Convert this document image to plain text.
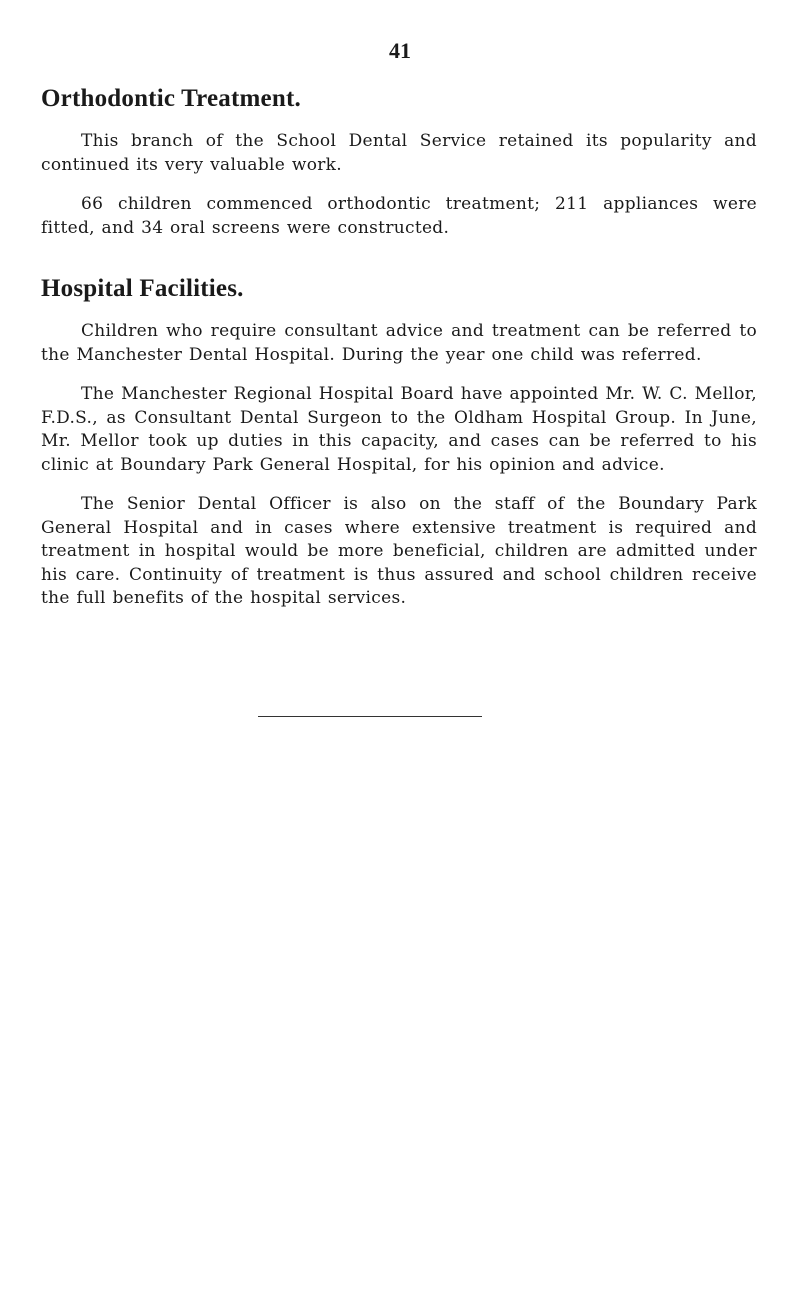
41
Orthodontic Treatment.

This branch of the School Dental Service retained its popularity and continued its very valuable work.

66 children commenced orthodontic treatment; 211 appliances were fitted, and 34 oral screens were constructed.

Hospital Facilities.

Children who require consultant advice and treatment can be referred to the Manchester Dental Hospital. During the year one child was referred.

The Manchester Regional Hospital Board have appointed Mr. W. C. Mellor, F.D.S., as Consultant Dental Surgeon to the Oldham Hospital Group. In June, Mr. Mellor took up duties in this capacity, and cases can be referred to his clinic at Boundary Park General Hospital, for his opinion and advice.

The Senior Dental Officer is also on the staff of the Boundary Park General Hospital and in cases where extensive treatment is required and treatment in hospital would be more beneficial, children are admitted under his care. Continuity of treatment is thus assured and school children receive the full benefits of the hospital services.
